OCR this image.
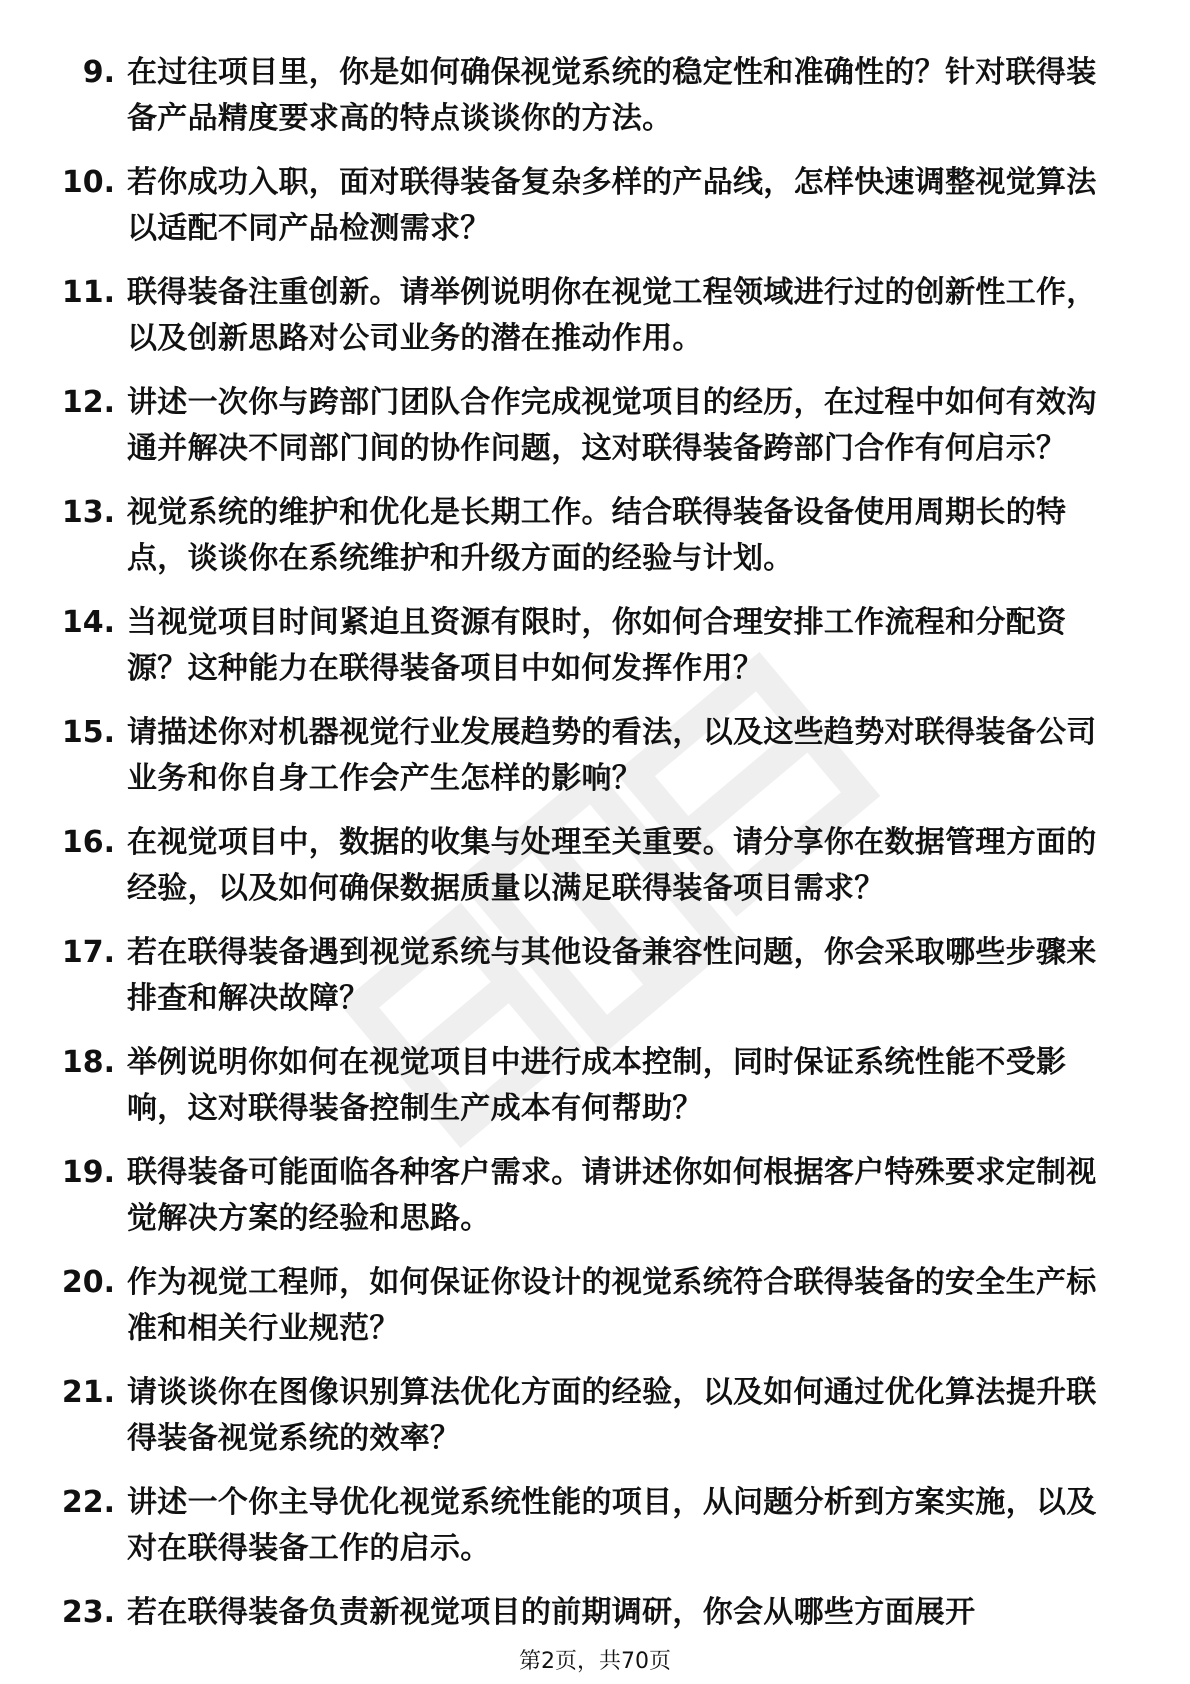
9. 在过往项目里，你是如何确保视觉系统的稳定性和准确性的？针对联得装备产品精度要求高的特点谈谈你的方法。
10. 若你成功入职，面对联得装备复杂多样的产品线，怎样快速调整视觉算法以适配不同产品检测需求？
11. 联得装备注重创新。请举例说明你在视觉工程领域进行过的创新性工作，以及创新思路对公司业务的潜在推动作用。
12. 讲述一次你与跨部门团队合作完成视觉项目的经历，在过程中如何有效沟通并解决不同部门间的协作问题，这对联得装备跨部门合作有何启示？
13. 视觉系统的维护和优化是长期工作。结合联得装备设备使用周期长的特点，谈谈你在系统维护和升级方面的经验与计划。
14. 当视觉项目时间紧迫且资源有限时，你如何合理安排工作流程和分配资源？这种能力在联得装备项目中如何发挥作用？
15. 请描述你对机器视觉行业发展趋势的看法，以及这些趋势对联得装备公司业务和你自身工作会产生怎样的影响？
16. 在视觉项目中，数据的收集与处理至关重要。请分享你在数据管理方面的经验，以及如何确保数据质量以满足联得装备项目需求？
17. 若在联得装备遇到视觉系统与其他设备兼容性问题，你会采取哪些步骤来排查和解决故障？
18. 举例说明你如何在视觉项目中进行成本控制，同时保证系统性能不受影响，这对联得装备控制生产成本有何帮助？
19. 联得装备可能面临各种客户需求。请讲述你如何根据客户特殊要求定制视觉解决方案的经验和思路。
20. 作为视觉工程师，如何保证你设计的视觉系统符合联得装备的安全生产标准和相关行业规范？
21. 请谈谈你在图像识别算法优化方面的经验，以及如何通过优化算法提升联得装备视觉系统的效率？
22. 讲述一个你主导优化视觉系统性能的项目，从问题分析到方案实施，以及对在联得装备工作的启示。
23. 若在联得装备负责新视觉项目的前期调研，你会从哪些方面展开
第2页，共70页
